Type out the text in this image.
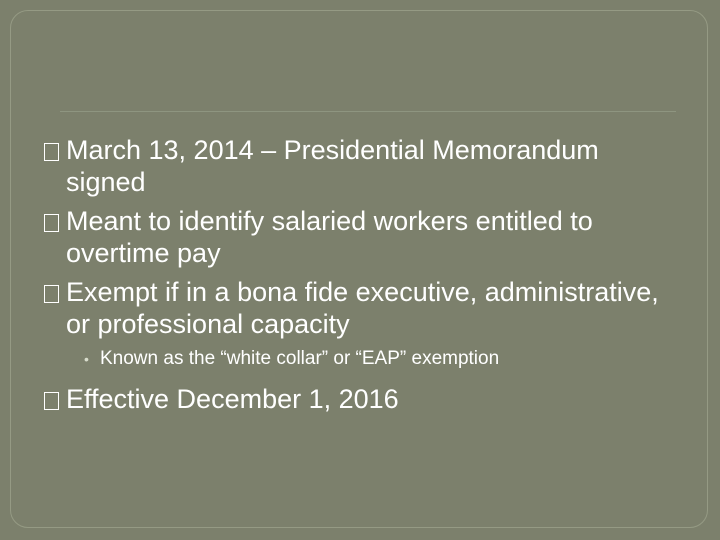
March 13, 2014 – Presidential Memorandum signed
Meant to identify salaried workers entitled to overtime pay
Exempt if in a bona fide executive, administrative, or professional capacity
• Known as the “white collar” or “EAP” exemption
Effective December 1, 2016
